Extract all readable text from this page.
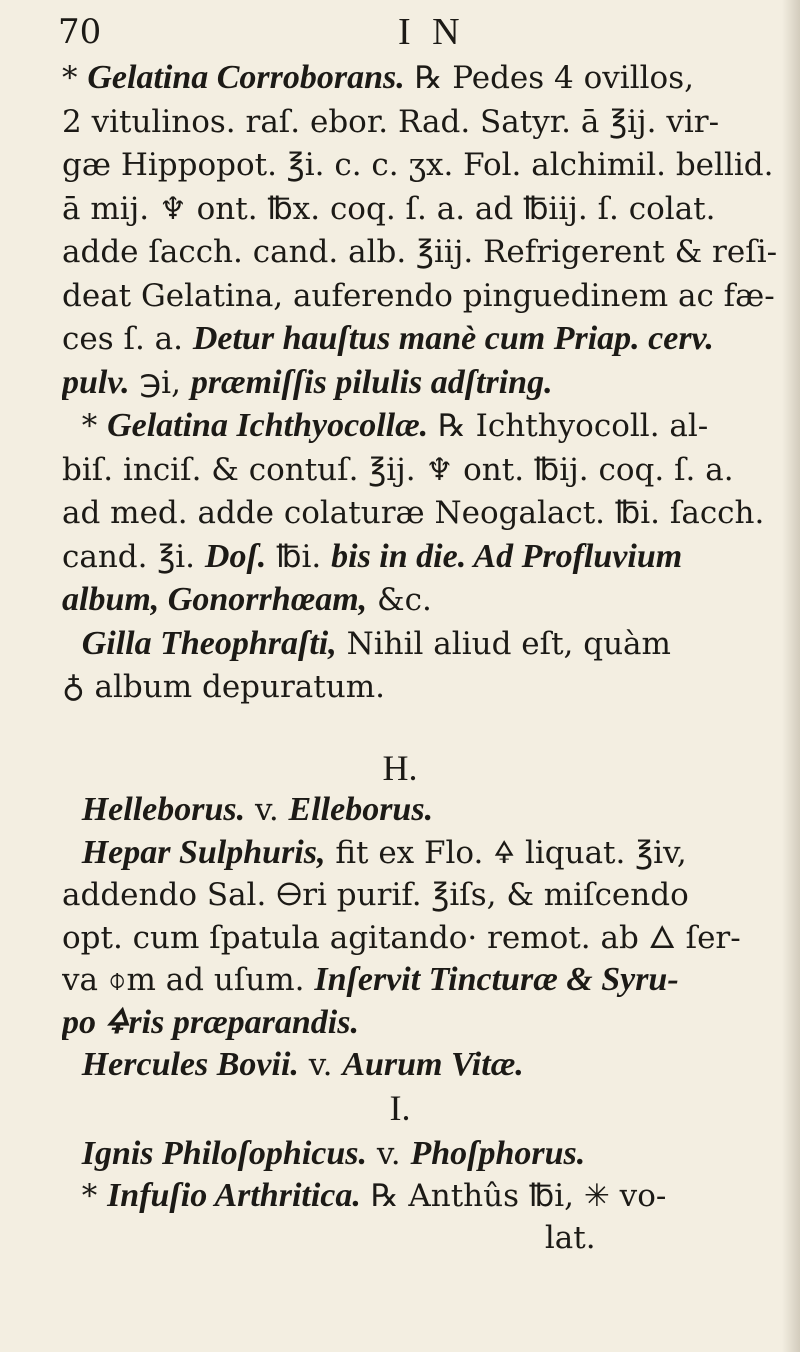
70	I N
* Gelatina Corroborans. ℞ Pedes 4 ovillos,
2 vitulinos. raſ. ebor. Rad. Satyr. ā ℥ij. vir-
gæ Hippopot. ℥i. c. c. ʒx. Fol. alchimil. bellid.
ā mij. ♆ ont. ℔x. coq. ſ. a. ad ℔iij. ſ. colat.
adde ſacch. cand. alb. ℥iij. Refrigerent & reſi-
deat Gelatina, auferendo pinguedinem ac fæ-
ces ſ. a. Detur hauſtus manè cum Priap. cerv.
pulv. ℈i, præmiſſis pilulis adſtring.
* Gelatina Ichthyocollæ. ℞ Ichthyocoll. al-
biſ. inciſ. & contuſ. ℥ij. ♆ ont. ℔ij. coq. ſ. a.
ad med. adde colaturæ Neogalact. ℔i. ſacch.
cand. ℥i. Doſ. ℔i. bis in die. Ad Profluvium
album, Gonorrhœam, &c.
Gilla Theophraſti, Nihil aliud eſt, quàm
♁ album depuratum.
H.
Helleborus. v. Elleborus.
Hepar Sulphuris, fit ex Flo. 🜍 liquat. ℥iv,
addendo Sal. 🜔ri purif. ℥iſs, & miſcendo
opt. cum ſpatula agitando· remot. ab 🜂 ſer-
va ⌽m ad uſum. Inſervit Tincturæ & Syru-
po 🜍ris præparandis.
Hercules Bovii. v. Aurum Vitæ.
I.
Ignis Philoſophicus. v. Phoſphorus.
* Infuſio Arthritica. ℞ Anthûs ℔i, ✳ vo-
lat.
